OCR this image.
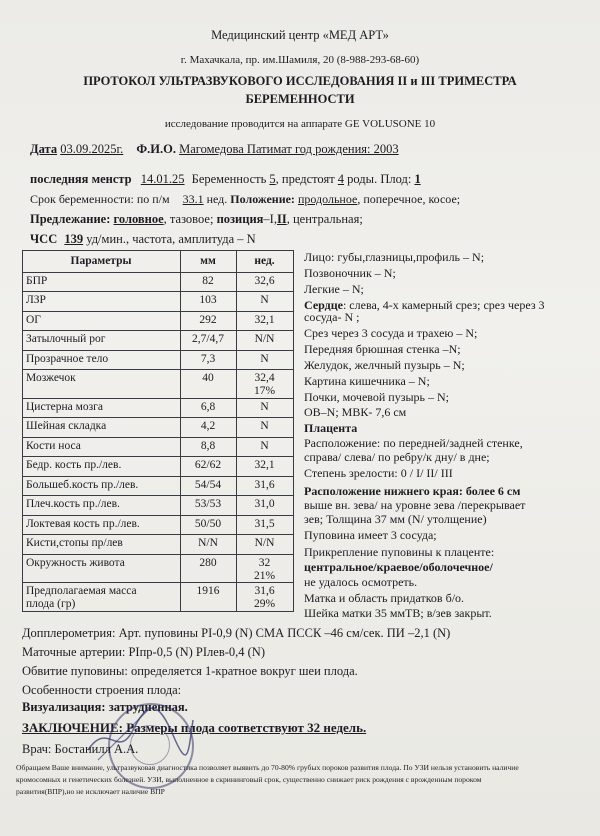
Медицинский центр «МЕД АРТ»
г. Махачкала, пр. им.Шамиля, 20 (8-988-293-68-60)
ПРОТОКОЛ УЛЬТРАЗВУКОВОГО ИССЛЕДОВАНИЯ II и III ТРИМЕСТРА
БЕРЕМЕННОСТИ
исследование проводится на аппарате GE VOLUSONE 10
Дата 03.09.2025г. Ф.И.О. Магомедова Патимат год рождения: 2003
последняя менстр 14.01.25 Беременность 5, предстоят 4 роды. Плод: 1
Срок беременности: по п/м 33.1 нед. Положение: продольное, поперечное, косое;
Предлежание: головное, тазовое; позиция–I,II, центральная;
ЧСС 139 уд/мин., частота, амплитуда – N
Параметры	мм	нед.
БПР	82	32,6
ЛЗР	103	N
ОГ	292	32,1
Затылочный рог	2,7/4,7	N/N
Прозрачное тело	7,3	N
Мозжечок	40	32,4
17%
Цистерна мозга	6,8	N
Шейная складка	4,2	N
Кости носа	8,8	N
Бедр. кость пр./лев.	62/62	32,1
Большеб.кость пр./лев.	54/54	31,6
Плеч.кость пр./лев.	53/53	31,0
Локтевая кость пр./лев.	50/50	31,5
Кисти,стопы пр/лев	N/N	N/N
Окружность живота	280	32
21%
Предполагаемая масса
плода (гр)
1916	31,6
29%
Лицо: губы,глазницы,профиль – N;
Позвоночник – N;
Легкие – N;
Сердце: слева, 4-х камерный срез; срез через 3
сосуда- N ;
Срез через 3 сосуда и трахею – N;
Передняя брюшная стенка –N;
Желудок, желчный пузырь – N;
Картина кишечника – N;
Почки, мочевой пузырь – N;
ОВ–N; МВК- 7,6 см
Плацента
Расположение: по передней/задней стенке,
справа/ слева/ по ребру/к дну/ в дне;
Степень зрелости: 0 / I/ II/ III
Расположение нижнего края: более 6 см
выше вн. зева/ на уровне зева /перекрывает
зев; Толщина 37 мм (N/ утолщение)
Пуповина имеет 3 сосуда;
Прикрепление пуповины к плаценте:
центральное/краевое/оболочечное/
не удалось осмотреть.
Матка и область придатков б/о.
Шейка матки 35 ммТВ; в/зев закрыт.
Допплерометрия: Арт. пуповины PI-0,9 (N) СМА ПСCК –46 см/сек. ПИ –2,1 (N)
Маточные артерии: PIпр-0,5 (N) PIлев-0,4 (N)
Обвитие пуповины: определяется 1-кратное вокруг шеи плода.
Особенности строения плода:
Визуализация: затрудненная.
ЗАКЛЮЧЕНИЕ: Размеры плода соответствуют 32 недель.
Врач: Бостанилл А.А.
Обращаем Ваше внимание, ультразвуковая диагностика позволяет выявить до 70-80% грубых пороков развития плода. По УЗИ нельзя установить наличие
кромосомных и генетических болезней. УЗИ, выполненное в скрининговый срок, существенно снижает риск рождения с врожденным пороком
развития(ВПР),но не исключает наличие ВПР
